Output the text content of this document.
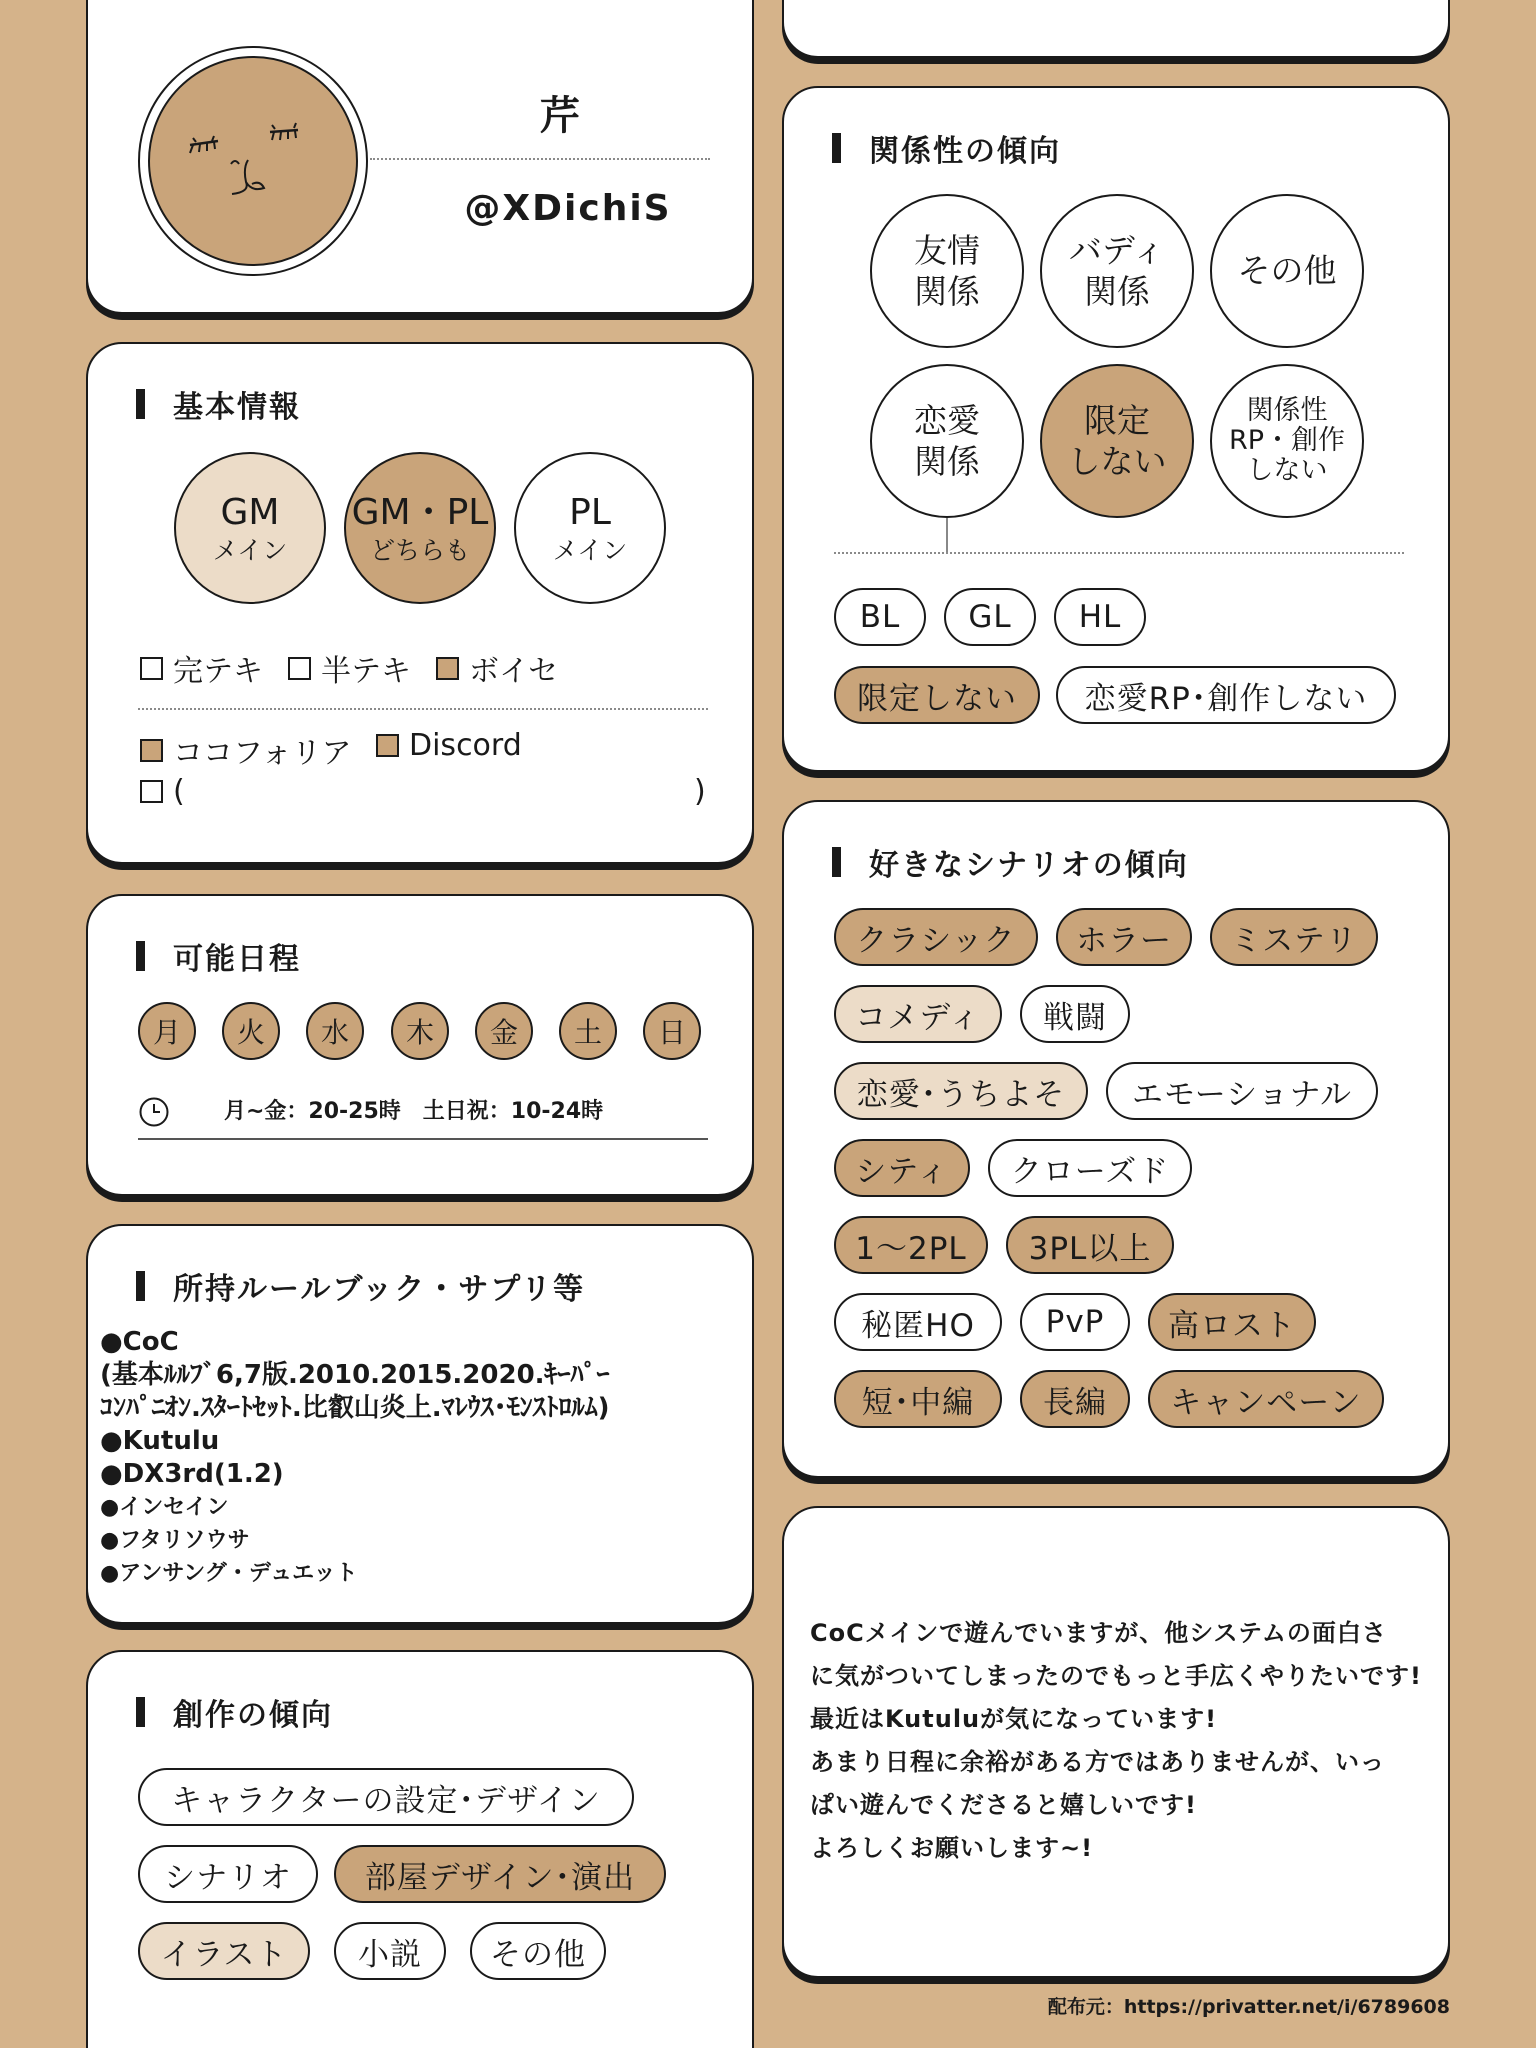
芹
@XDichiS
基本情報
GM
メイン
GM・PL
どちらも
PL
メイン
完テキ 半テキ ボイセ
ココフォリア Discord
(	)
可能日程
月	火	水	木	金	土	日
月~金：20-25時　土日祝：10-24時
所持ルールブック・サプリ等
●CoC
(基本ﾙﾙﾌﾞ6,7版.2010.2015.2020.ｷｰﾊﾟｰ
ｺﾝﾊﾟﾆｵﾝ.ｽﾀｰﾄｾｯﾄ.比叡山炎上.ﾏﾚｳｽ･ﾓﾝｽﾄﾛﾙﾑ)
●Kutulu
●DX3rd(1.2)
●インセイン
●フタリソウサ
●アンサング・デュエット
創作の傾向
キャラクターの設定･デザイン
シナリオ	部屋デザイン･演出
イラスト	小説	その他
関係性の傾向
友情
関係
バディ
関係
その他
恋愛
関係
限定
しない
関係性
RP・創作
しない
BL	GL	HL
限定しない	恋愛RP･創作しない
好きなシナリオの傾向
クラシック	ホラー	ミステリ
コメディ	戦闘
恋愛･うちよそ	エモーショナル
シティ	クローズド
1〜2PL	3PL以上
秘匿HO	PvP	高ロスト
短･中編	長編	キャンペーン
CoCメインで遊んでいますが、他システムの面白さ
に気がついてしまったのでもっと手広くやりたいです!
最近はKutuluが気になっています!
あまり日程に余裕がある方ではありませんが、いっ
ぱい遊んでくださると嬉しいです!
よろしくお願いします~!
配布元：https://privatter.net/i/6789608
